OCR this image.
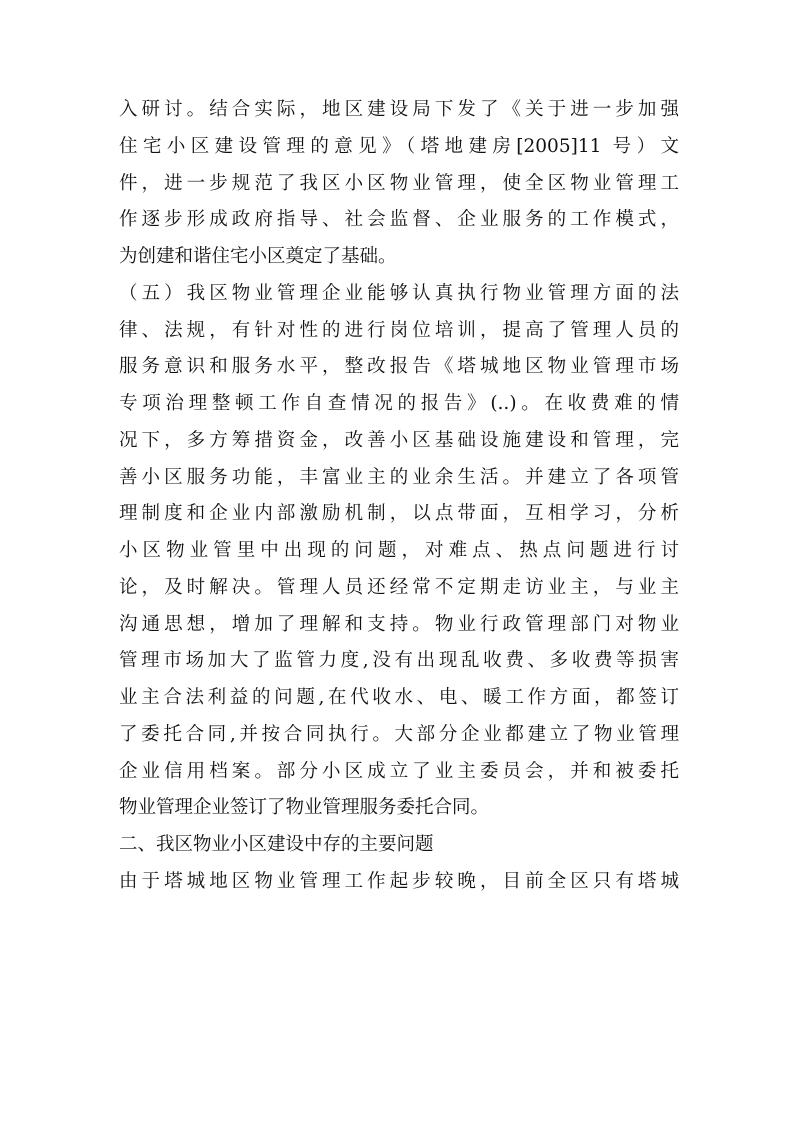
入研讨。结合实际，地区建设局下发了《关于进一步加强
住宅小区建设管理的意见》（塔地建房[2005]11 号）文
件，进一步规范了我区小区物业管理，使全区物业管理工
作逐步形成政府指导、社会监督、企业服务的工作模式，
为创建和谐住宅小区奠定了基础。
（五）我区物业管理企业能够认真执行物业管理方面的法
律、法规，有针对性的进行岗位培训，提高了管理人员的
服务意识和服务水平，整改报告《塔城地区物业管理市场
专项治理整顿工作自查情况的报告》(..)。在收费难的情
况下，多方筹措资金，改善小区基础设施建设和管理，完
善小区服务功能，丰富业主的业余生活。并建立了各项管
理制度和企业内部激励机制，以点带面，互相学习，分析
小区物业管里中出现的问题，对难点、热点问题进行讨
论，及时解决。管理人员还经常不定期走访业主，与业主
沟通思想，增加了理解和支持。物业行政管理部门对物业
管理市场加大了监管力度,没有出现乱收费、多收费等损害
业主合法利益的问题,在代收水、电、暖工作方面，都签订
了委托合同,并按合同执行。大部分企业都建立了物业管理
企业信用档案。部分小区成立了业主委员会，并和被委托
物业管理企业签订了物业管理服务委托合同。
二、我区物业小区建设中存的主要问题
由于塔城地区物业管理工作起步较晚，目前全区只有塔城
